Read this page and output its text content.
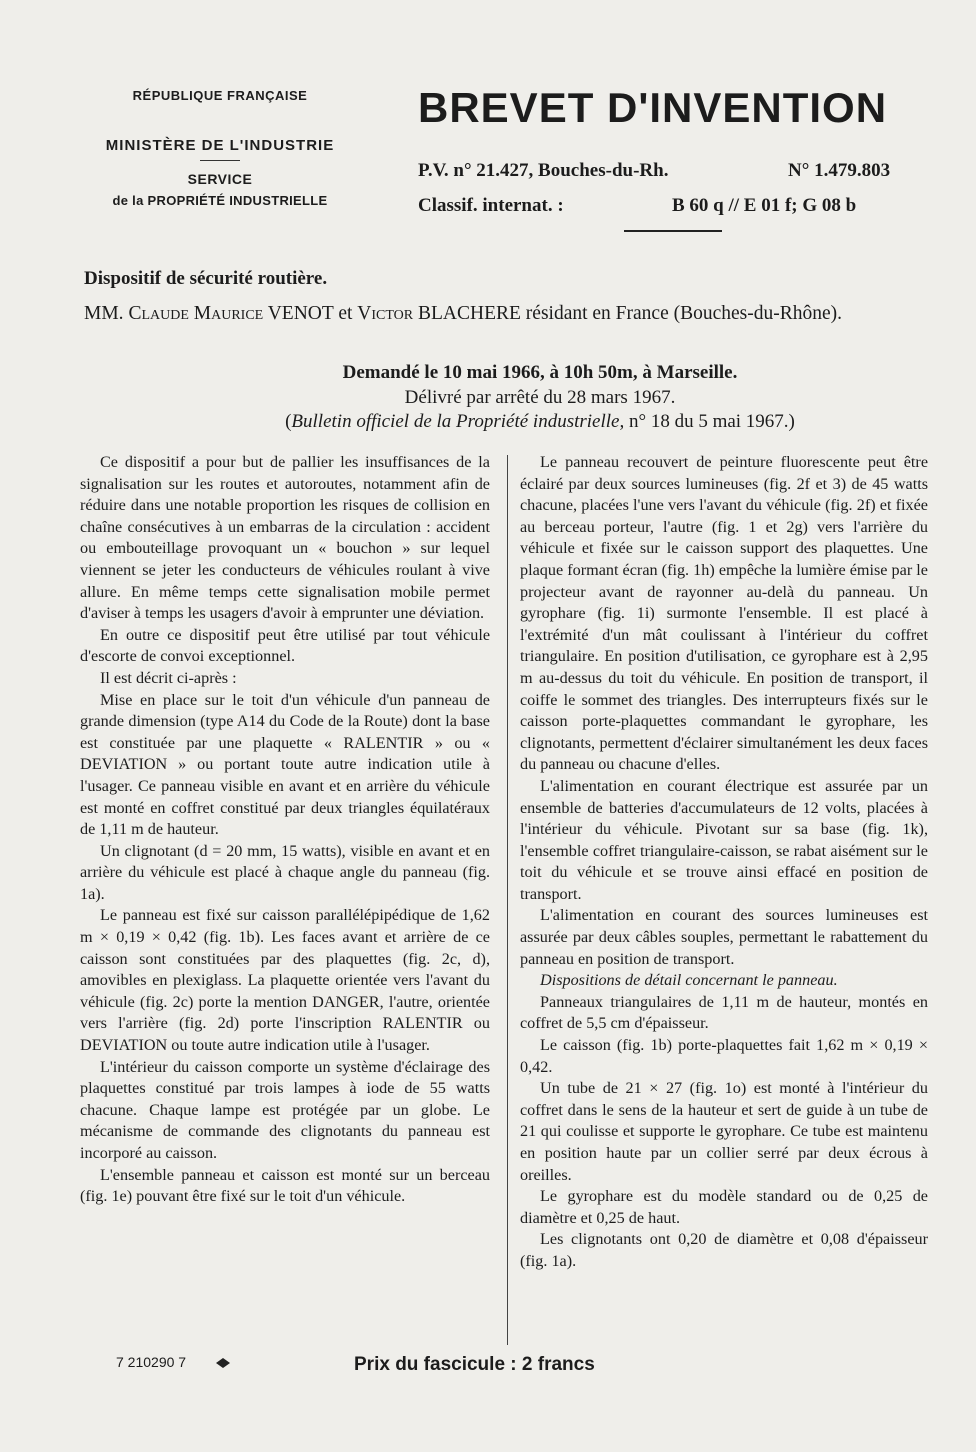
RÉPUBLIQUE FRANÇAISE
MINISTÈRE DE L'INDUSTRIE
SERVICE
de la PROPRIÉTÉ INDUSTRIELLE
BREVET D'INVENTION
P.V. n° 21.427, Bouches-du-Rh.	N° 1.479.803
Classif. internat. :	B 60 q // E 01 f; G 08 b
Dispositif de sécurité routière.
MM. Claude Maurice VENOT et Victor BLACHERE résidant en France (Bouches-du-Rhône).
Demandé le 10 mai 1966, à 10h 50m, à Marseille.
Délivré par arrêté du 28 mars 1967.
(Bulletin officiel de la Propriété industrielle, n° 18 du 5 mai 1967.)

Ce dispositif a pour but de pallier les insuffisances de la signalisation sur les routes et autoroutes, notamment afin de réduire dans une notable proportion les risques de collision en chaîne consécutives à un embarras de la circulation : accident ou embouteillage provoquant un « bouchon » sur lequel viennent se jeter les conducteurs de véhicules roulant à vive allure. En même temps cette signalisation mobile permet d'aviser à temps les usagers d'avoir à emprunter une déviation.

En outre ce dispositif peut être utilisé par tout véhicule d'escorte de convoi exceptionnel.

Il est décrit ci-après :

Mise en place sur le toit d'un véhicule d'un panneau de grande dimension (type A14 du Code de la Route) dont la base est constituée par une plaquette « RALENTIR » ou « DEVIATION » ou portant toute autre indication utile à l'usager. Ce panneau visible en avant et en arrière du véhicule est monté en coffret constitué par deux triangles équilatéraux de 1,11 m de hauteur.

Un clignotant (d = 20 mm, 15 watts), visible en avant et en arrière du véhicule est placé à chaque angle du panneau (fig. 1a).

Le panneau est fixé sur caisson parallélépipédique de 1,62 m × 0,19 × 0,42 (fig. 1b). Les faces avant et arrière de ce caisson sont constituées par des plaquettes (fig. 2c, d), amovibles en plexiglass. La plaquette orientée vers l'avant du véhicule (fig. 2c) porte la mention DANGER, l'autre, orientée vers l'arrière (fig. 2d) porte l'inscription RALENTIR ou DEVIATION ou toute autre indication utile à l'usager.

L'intérieur du caisson comporte un système d'éclairage des plaquettes constitué par trois lampes à iode de 55 watts chacune. Chaque lampe est protégée par un globe. Le mécanisme de commande des clignotants du panneau est incorporé au caisson.

L'ensemble panneau et caisson est monté sur un berceau (fig. 1e) pouvant être fixé sur le toit d'un véhicule.

Le panneau recouvert de peinture fluorescente peut être éclairé par deux sources lumineuses (fig. 2f et 3) de 45 watts chacune, placées l'une vers l'avant du véhicule (fig. 2f) et fixée au berceau porteur, l'autre (fig. 1 et 2g) vers l'arrière du véhicule et fixée sur le caisson support des plaquettes. Une plaque formant écran (fig. 1h) empêche la lumière émise par le projecteur avant de rayonner au-delà du panneau. Un gyrophare (fig. 1i) surmonte l'ensemble. Il est placé à l'extrémité d'un mât coulissant à l'intérieur du coffret triangulaire. En position d'utilisation, ce gyrophare est à 2,95 m au-dessus du toit du véhicule. En position de transport, il coiffe le sommet des triangles. Des interrupteurs fixés sur le caisson porte-plaquettes commandant le gyrophare, les clignotants, permettent d'éclairer simultanément les deux faces du panneau ou chacune d'elles.

L'alimentation en courant électrique est assurée par un ensemble de batteries d'accumulateurs de 12 volts, placées à l'intérieur du véhicule. Pivotant sur sa base (fig. 1k), l'ensemble coffret triangulaire-caisson, se rabat aisément sur le toit du véhicule et se trouve ainsi effacé en position de transport.

L'alimentation en courant des sources lumineuses est assurée par deux câbles souples, permettant le rabattement du panneau en position de transport.

Dispositions de détail concernant le panneau.

Panneaux triangulaires de 1,11 m de hauteur, montés en coffret de 5,5 cm d'épaisseur.

Le caisson (fig. 1b) porte-plaquettes fait 1,62 m × 0,19 × 0,42.

Un tube de 21 × 27 (fig. 1o) est monté à l'intérieur du coffret dans le sens de la hauteur et sert de guide à un tube de 21 qui coulisse et supporte le gyrophare. Ce tube est maintenu en position haute par un collier serré par deux écrous à oreilles.

Le gyrophare est du modèle standard ou de 0,25 de diamètre et 0,25 de haut.

Les clignotants ont 0,20 de diamètre et 0,08 d'épaisseur (fig. 1a).

7 210290 7	Prix du fascicule : 2 francs
